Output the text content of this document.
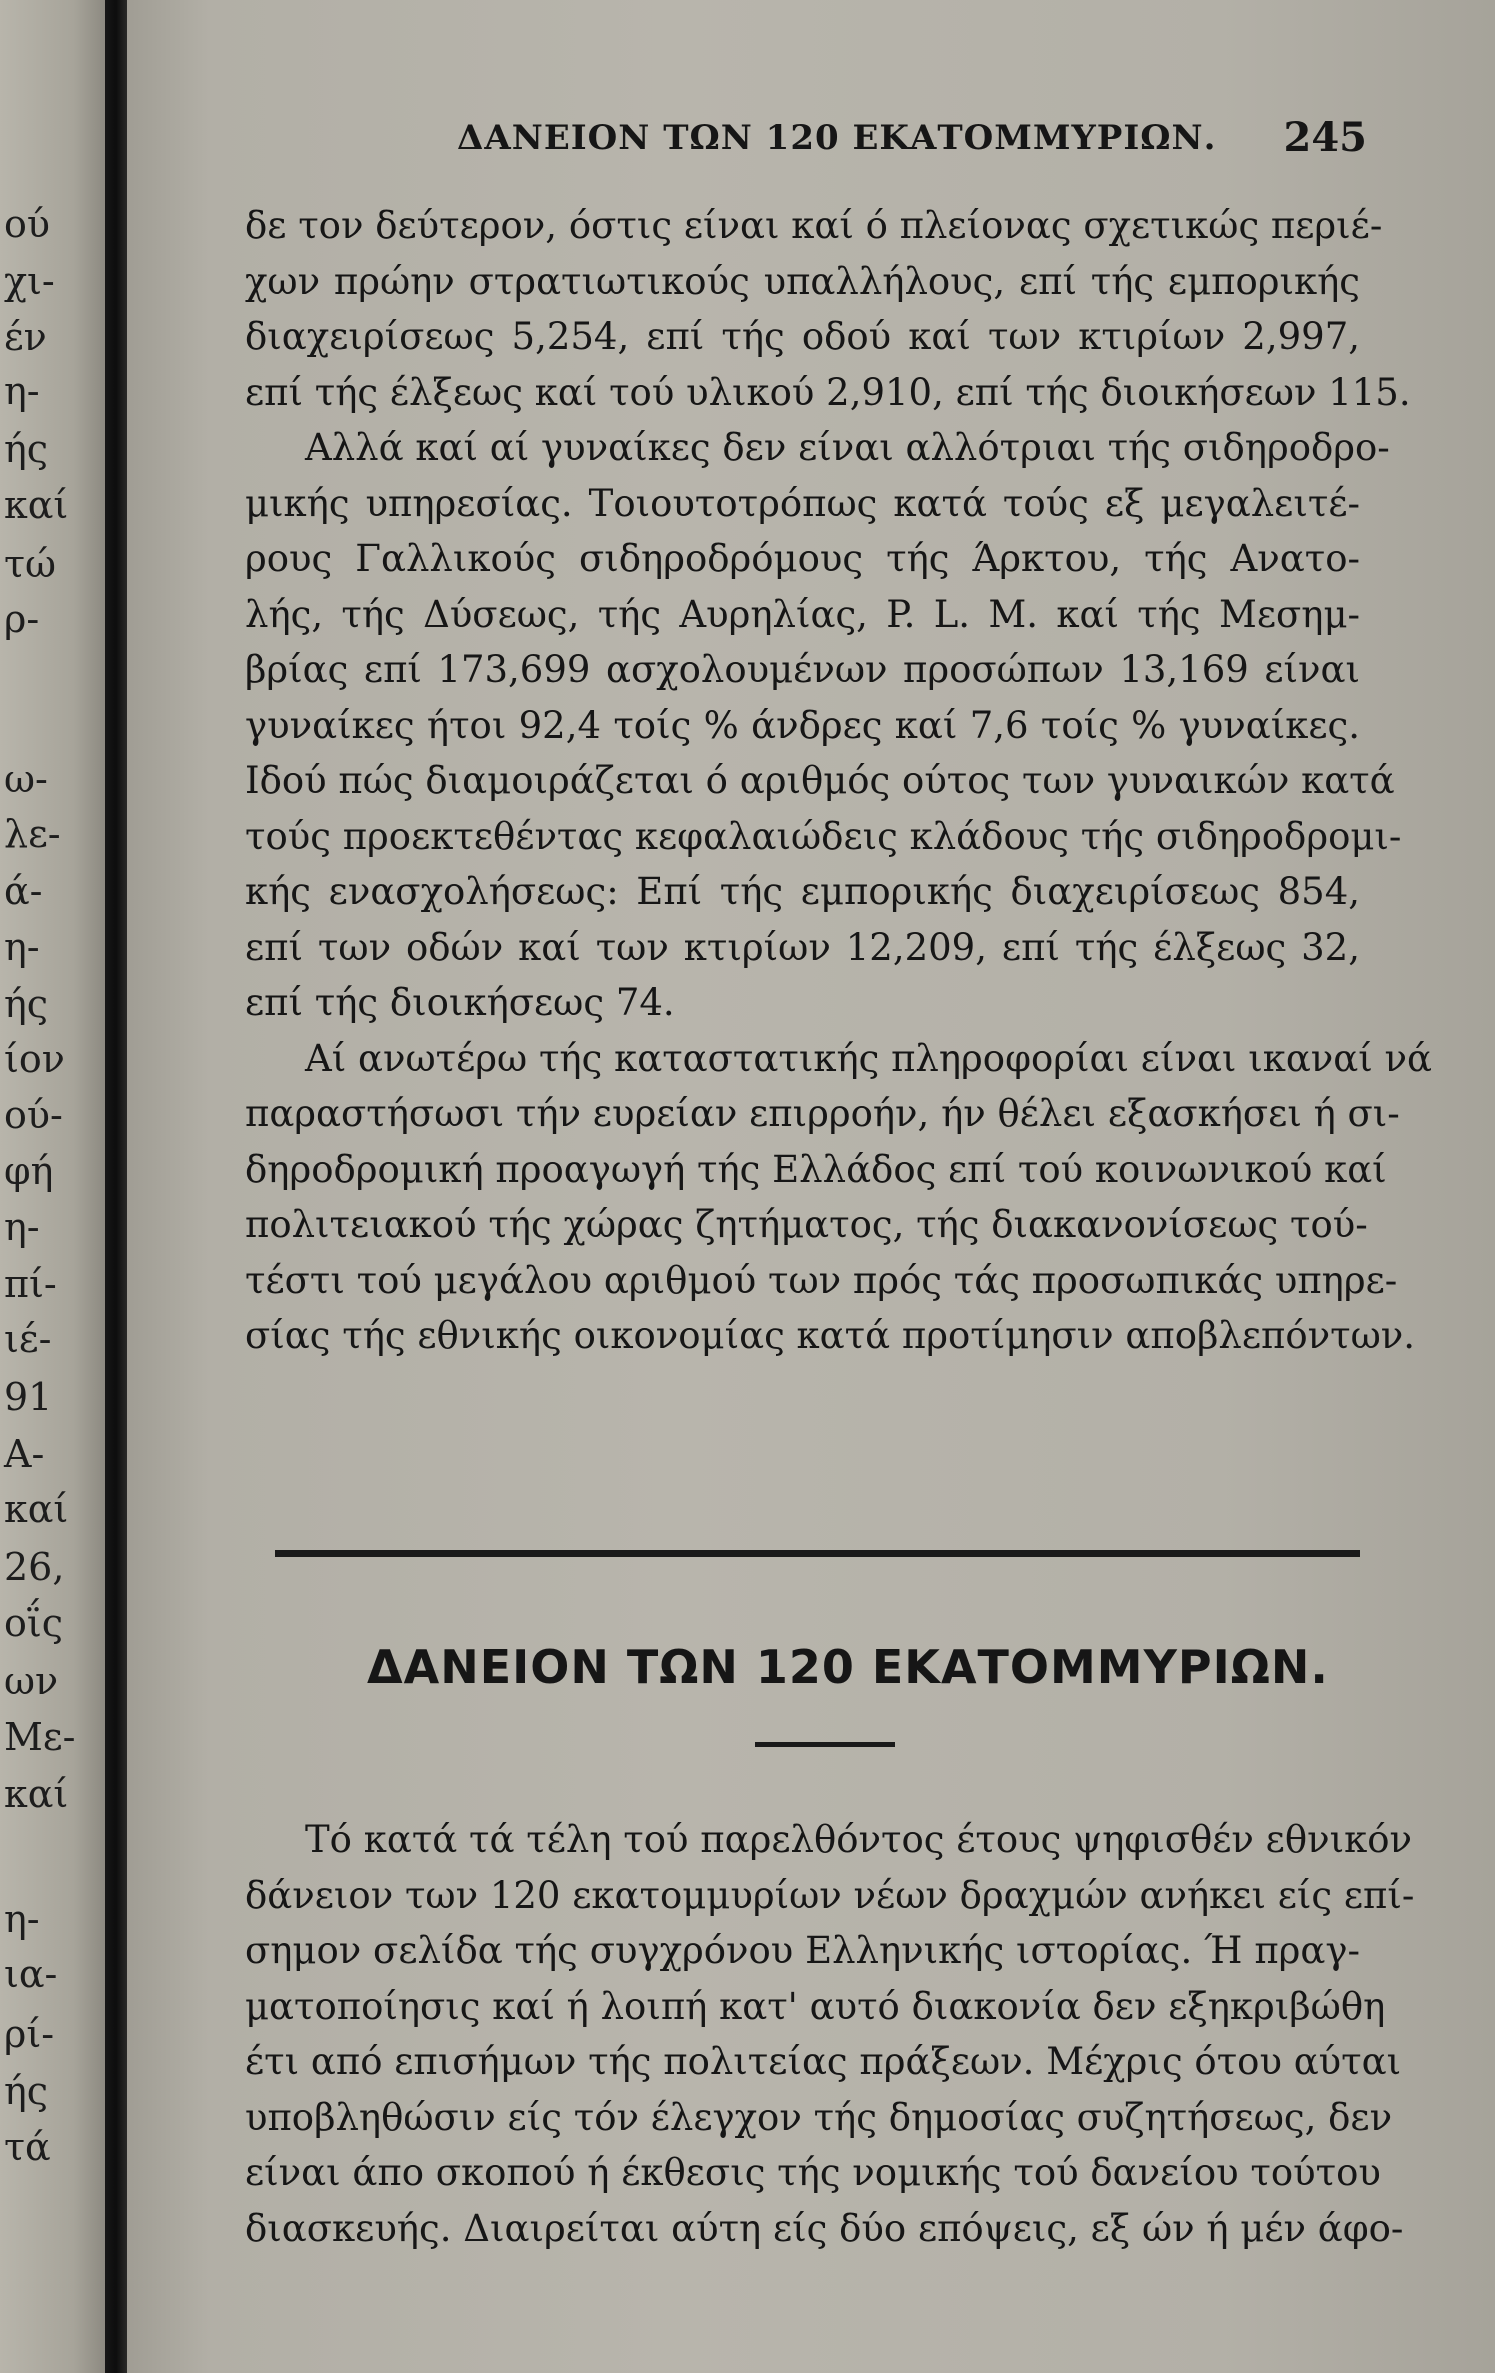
ού
χι-
έν
η-
ής
καί
τώ
ρ-
ω-
λε-
ά-
η-
ής
ίον
ού-
φή
η-
πί-
ιέ-
91
Α-
καί
26,
οΐς
ων
Με-
καί
η-
ια-
ρί-
ής
τά
ΔΑΝΕΙΟΝ ΤΩΝ 120 ΕΚΑΤΟΜΜΥΡΙΩΝ. 245
δε τον δεύτερον, όστις είναι καί ό πλείονας σχετικώς περιέ-
χων πρώην στρατιωτικούς υπαλλήλους, επί τής εμπορικής
διαχειρίσεως 5,254, επί τής οδού καί των κτιρίων 2,997,
επί τής έλξεως καί τού υλικού 2,910, επί τής διοικήσεων 115.
Αλλά καί αί γυναίκες δεν είναι αλλότριαι τής σιδηροδρο-
μικής υπηρεσίας. Τοιουτοτρόπως κατά τούς εξ μεγαλειτέ-
ρους Γαλλικούς σιδηροδρόμους τής Άρκτου, τής Ανατο-
λής, τής Δύσεως, τής Αυρηλίας, P. L. M. καί τής Μεσημ-
βρίας επί 173,699 ασχολουμένων προσώπων 13,169 είναι
γυναίκες ήτοι 92,4 τοίς % άνδρες καί 7,6 τοίς % γυναίκες.
Ιδού πώς διαμοιράζεται ό αριθμός ούτος των γυναικών κατά
τούς προεκτεθέντας κεφαλαιώδεις κλάδους τής σιδηροδρομι-
κής ενασχολήσεως: Επί τής εμπορικής διαχειρίσεως 854,
επί των οδών καί των κτιρίων 12,209, επί τής έλξεως 32,
επί τής διοικήσεως 74.
Αί ανωτέρω τής καταστατικής πληροφορίαι είναι ικαναί νά
παραστήσωσι τήν ευρείαν επιρροήν, ήν θέλει εξασκήσει ή σι-
δηροδρομική προαγωγή τής Ελλάδος επί τού κοινωνικού καί
πολιτειακού τής χώρας ζητήματος, τής διακανονίσεως τού-
τέστι τού μεγάλου αριθμού των πρός τάς προσωπικάς υπηρε-
σίας τής εθνικής οικονομίας κατά προτίμησιν αποβλεπόντων.
ΔΑΝΕΙΟΝ ΤΩΝ 120 ΕΚΑΤΟΜΜΥΡΙΩΝ.
Τό κατά τά τέλη τού παρελθόντος έτους ψηφισθέν εθνικόν
δάνειον των 120 εκατομμυρίων νέων δραχμών ανήκει είς επί-
σημον σελίδα τής συγχρόνου Ελληνικής ιστορίας. Ή πραγ-
ματοποίησις καί ή λοιπή κατ' αυτό διακονία δεν εξηκριβώθη
έτι από επισήμων τής πολιτείας πράξεων. Μέχρις ότου αύται
υποβληθώσιν είς τόν έλεγχον τής δημοσίας συζητήσεως, δεν
είναι άπο σκοπού ή έκθεσις τής νομικής τού δανείου τούτου
διασκευής. Διαιρείται αύτη είς δύο επόψεις, εξ ών ή μέν άφο-
